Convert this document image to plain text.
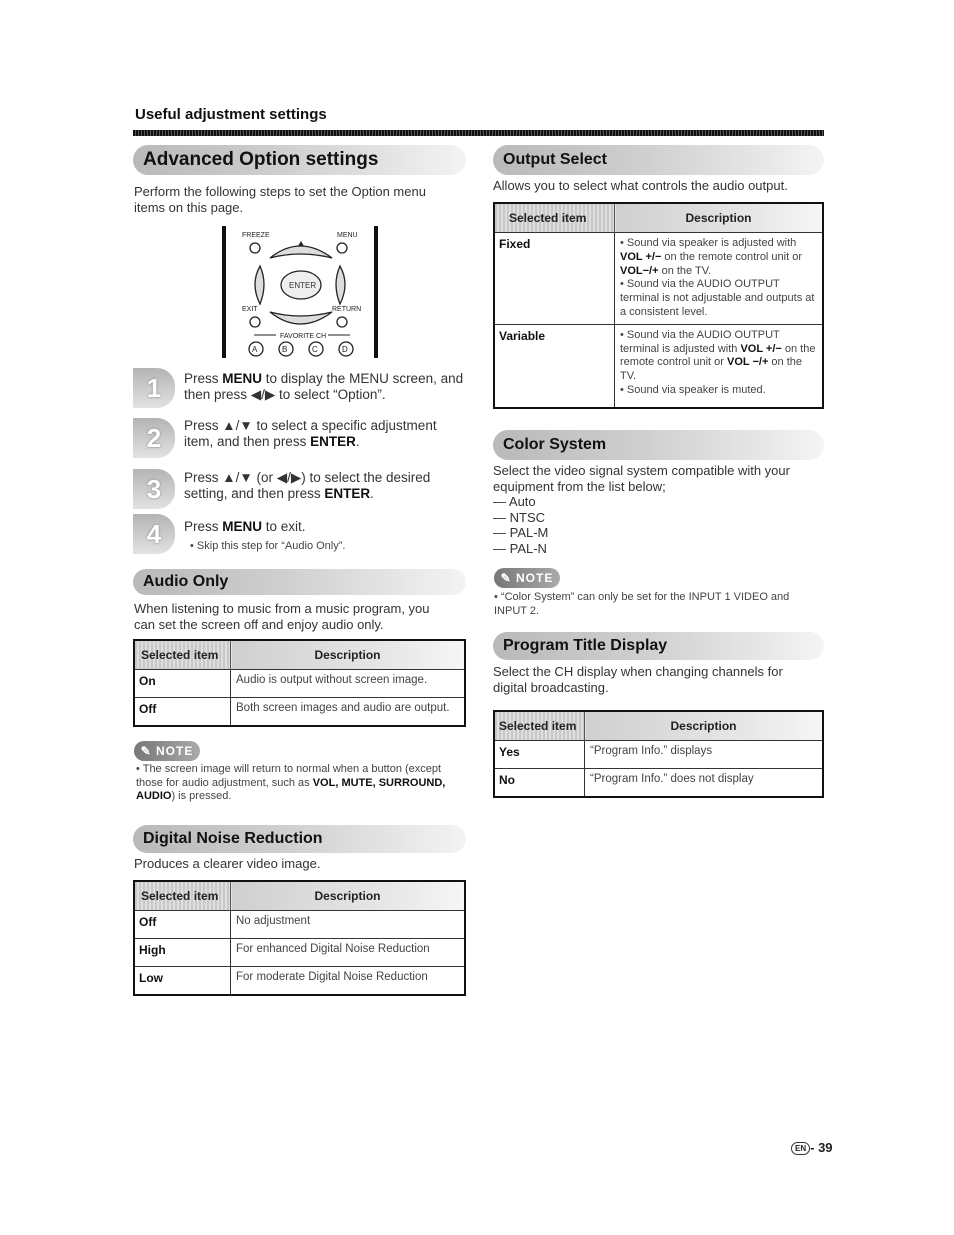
Useful adjustment settings
Advanced Option settings
Perform the following steps to set the Option menu items on this page.
FREEZE	MENU
ENTER
EXIT	RETURN
FAVORITE CH
A	B	C	D
1	Press MENU to display the MENU screen, and then press ◀/▶ to select “Option”.
2	Press ▲/▼ to select a specific adjustment item, and then press ENTER.
3	Press ▲/▼ (or ◀/▶) to select the desired setting, and then press ENTER.
4	Press MENU to exit.
• Skip this step for “Audio Only”.
Audio Only
When listening to music from a music program, you can set the screen off and enjoy audio only.
Selected item	Description
On	Audio is output without screen image.
Off	Both screen images and audio are output.
✎ NOTE
• The screen image will return to normal when a button (except those for audio adjustment, such as VOL, MUTE, SURROUND, AUDIO) is pressed.
Digital Noise Reduction
Produces a clearer video image.
Selected item	Description
Off	No adjustment
High	For enhanced Digital Noise Reduction
Low	For moderate Digital Noise Reduction
Output Select
Allows you to select what controls the audio output.
Selected item	Description
Fixed	• Sound via speaker is adjusted with VOL +/− on the remote control unit or VOL−/+ on the TV.
• Sound via the AUDIO OUTPUT terminal is not adjustable and outputs at a consistent level.

Variable	• Sound via the AUDIO OUTPUT terminal is adjusted with VOL +/− on the remote control unit or VOL −/+ on the TV.
• Sound via speaker is muted.
Color System
Select the video signal system compatible with your equipment from the list below;
— Auto
— NTSC
— PAL-M
— PAL-N
✎ NOTE
• “Color System” can only be set for the INPUT 1 VIDEO and INPUT 2.
Program Title Display
Select the CH display when changing channels for digital broadcasting.
Selected item	Description
Yes	“Program Info.” displays
No	“Program Info.” does not display
EN - 39
